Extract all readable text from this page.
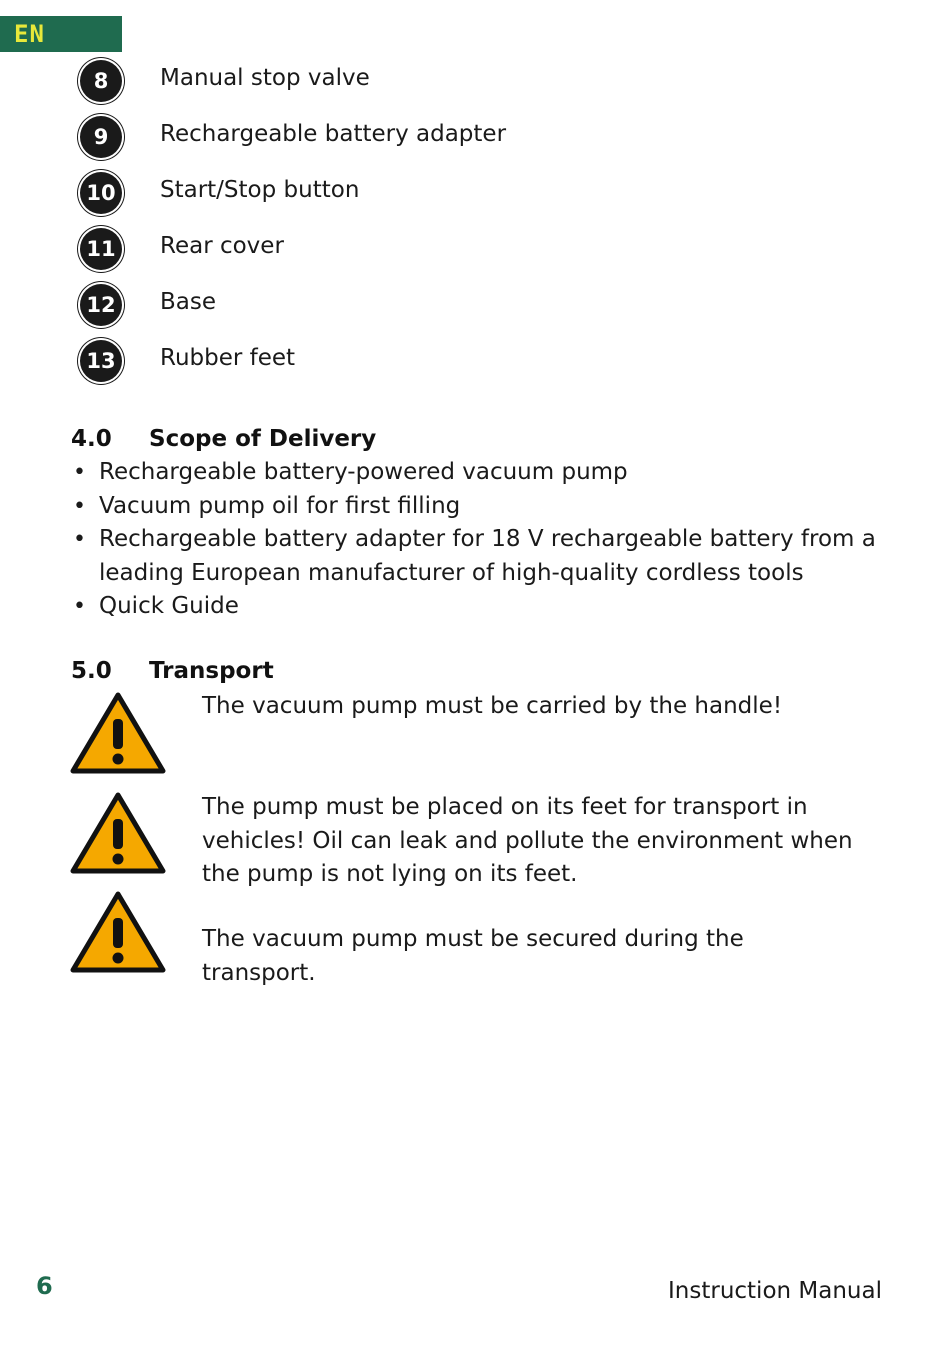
EN
8	Manual stop valve
9	Rechargeable battery adapter
10 Start/Stop button
11 Rear cover
12 Base
13 Rubber feet
4.0 Scope of Delivery
• Rechargeable battery-powered vacuum pump
• Vacuum pump oil for first filling
• Rechargeable battery adapter for 18 V rechargeable battery from a leading European manufacturer of high-quality cordless tools
• Quick Guide
5.0 Transport
The vacuum pump must be carried by the handle!
The pump must be placed on its feet for transport in vehicles! Oil can leak and pollute the environment when the pump is not lying on its feet.
The vacuum pump must be secured during the transport.
6	Instruction Manual
